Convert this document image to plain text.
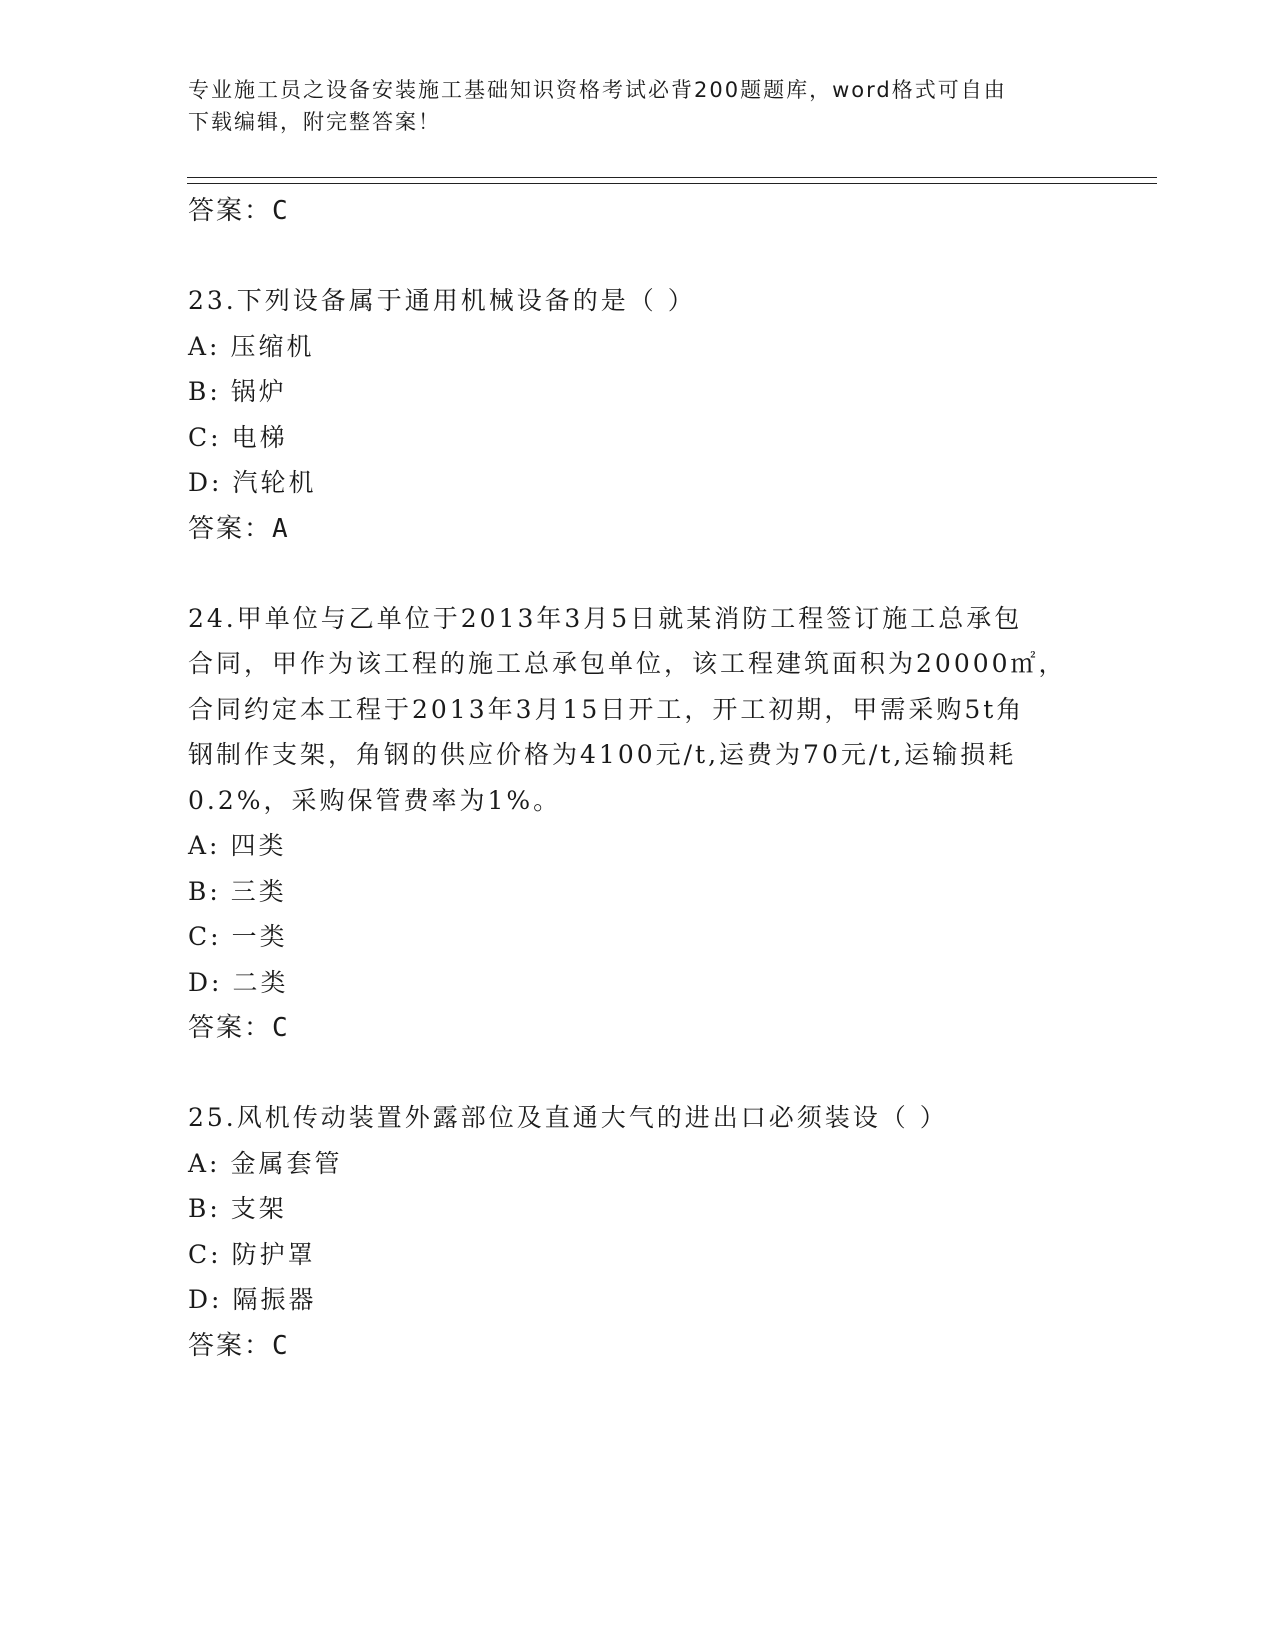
专业施工员之设备安装施工基础知识资格考试必背200题题库，word格式可自由
下载编辑，附完整答案！
答案：C
23.下列设备属于通用机械设备的是（ ）
A: 压缩机
B: 锅炉
C: 电梯
D: 汽轮机
答案：A
24.甲单位与乙单位于2013年3月5日就某消防工程签订施工总承包
合同，甲作为该工程的施工总承包单位，该工程建筑面积为20000㎡，
合同约定本工程于2013年3月15日开工，开工初期，甲需采购5t角
钢制作支架，角钢的供应价格为4100元/t,运费为70元/t,运输损耗
0.2%，采购保管费率为1%。
A: 四类
B: 三类
C: 一类
D: 二类
答案：C
25.风机传动装置外露部位及直通大气的进出口必须装设（ ）
A: 金属套管
B: 支架
C: 防护罩
D: 隔振器
答案：C
